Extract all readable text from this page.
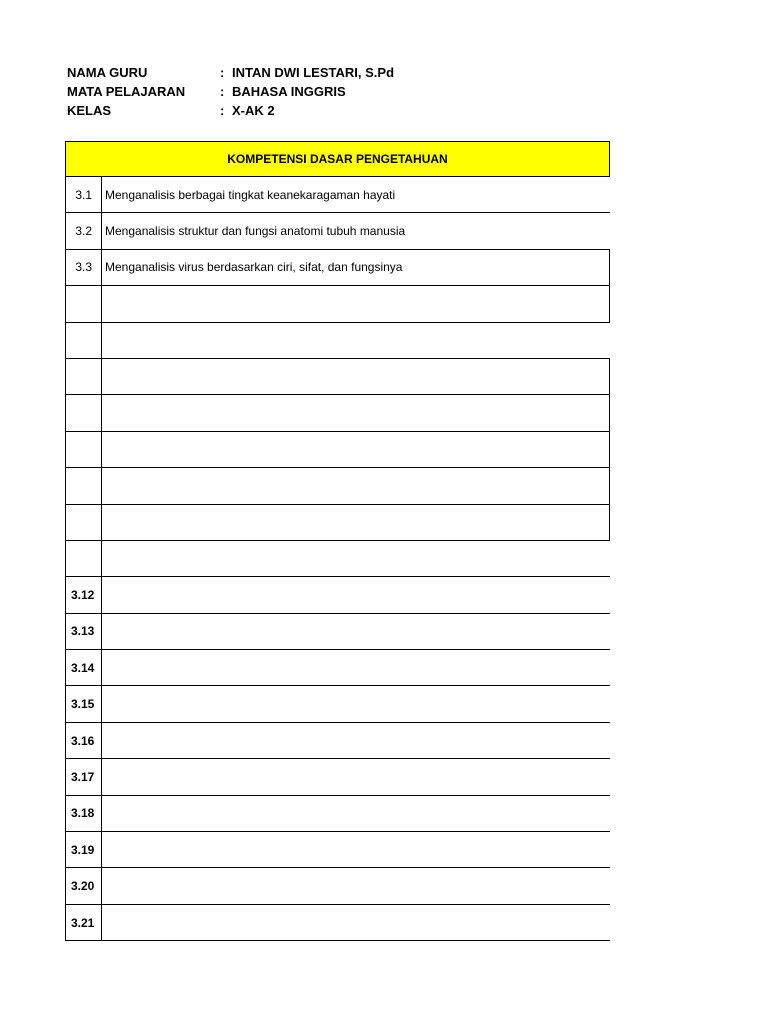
NAMA GURU	: INTAN DWI LESTARI, S.Pd
MATA PELAJARAN	: BAHASA INGGRIS
KELAS	: X-AK 2
KOMPETENSI DASAR PENGETAHUAN
3.1	Menganalisis berbagai tingkat keanekaragaman hayati
3.2	Menganalisis struktur dan fungsi anatomi tubuh manusia
3.3	Menganalisis virus berdasarkan ciri, sifat, dan fungsinya
3.12
3.13
3.14
3.15
3.16
3.17
3.18
3.19
3.20
3.21
